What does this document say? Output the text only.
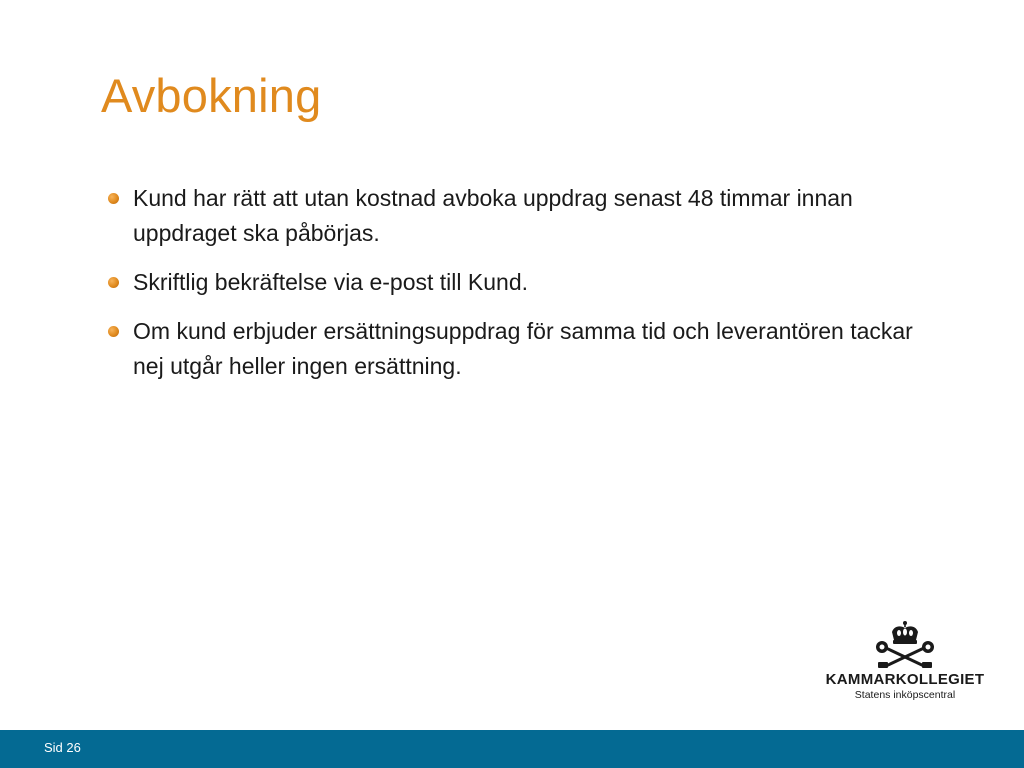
Avbokning
Kund har rätt att utan kostnad avboka uppdrag senast 48 timmar innan uppdraget ska påbörjas.
Skriftlig bekräftelse via e-post till Kund.
Om kund erbjuder ersättningsuppdrag för samma tid och leverantören tackar nej utgår heller ingen ersättning.
KAMMARKOLLEGIET
Statens inköpscentral
Sid 26
